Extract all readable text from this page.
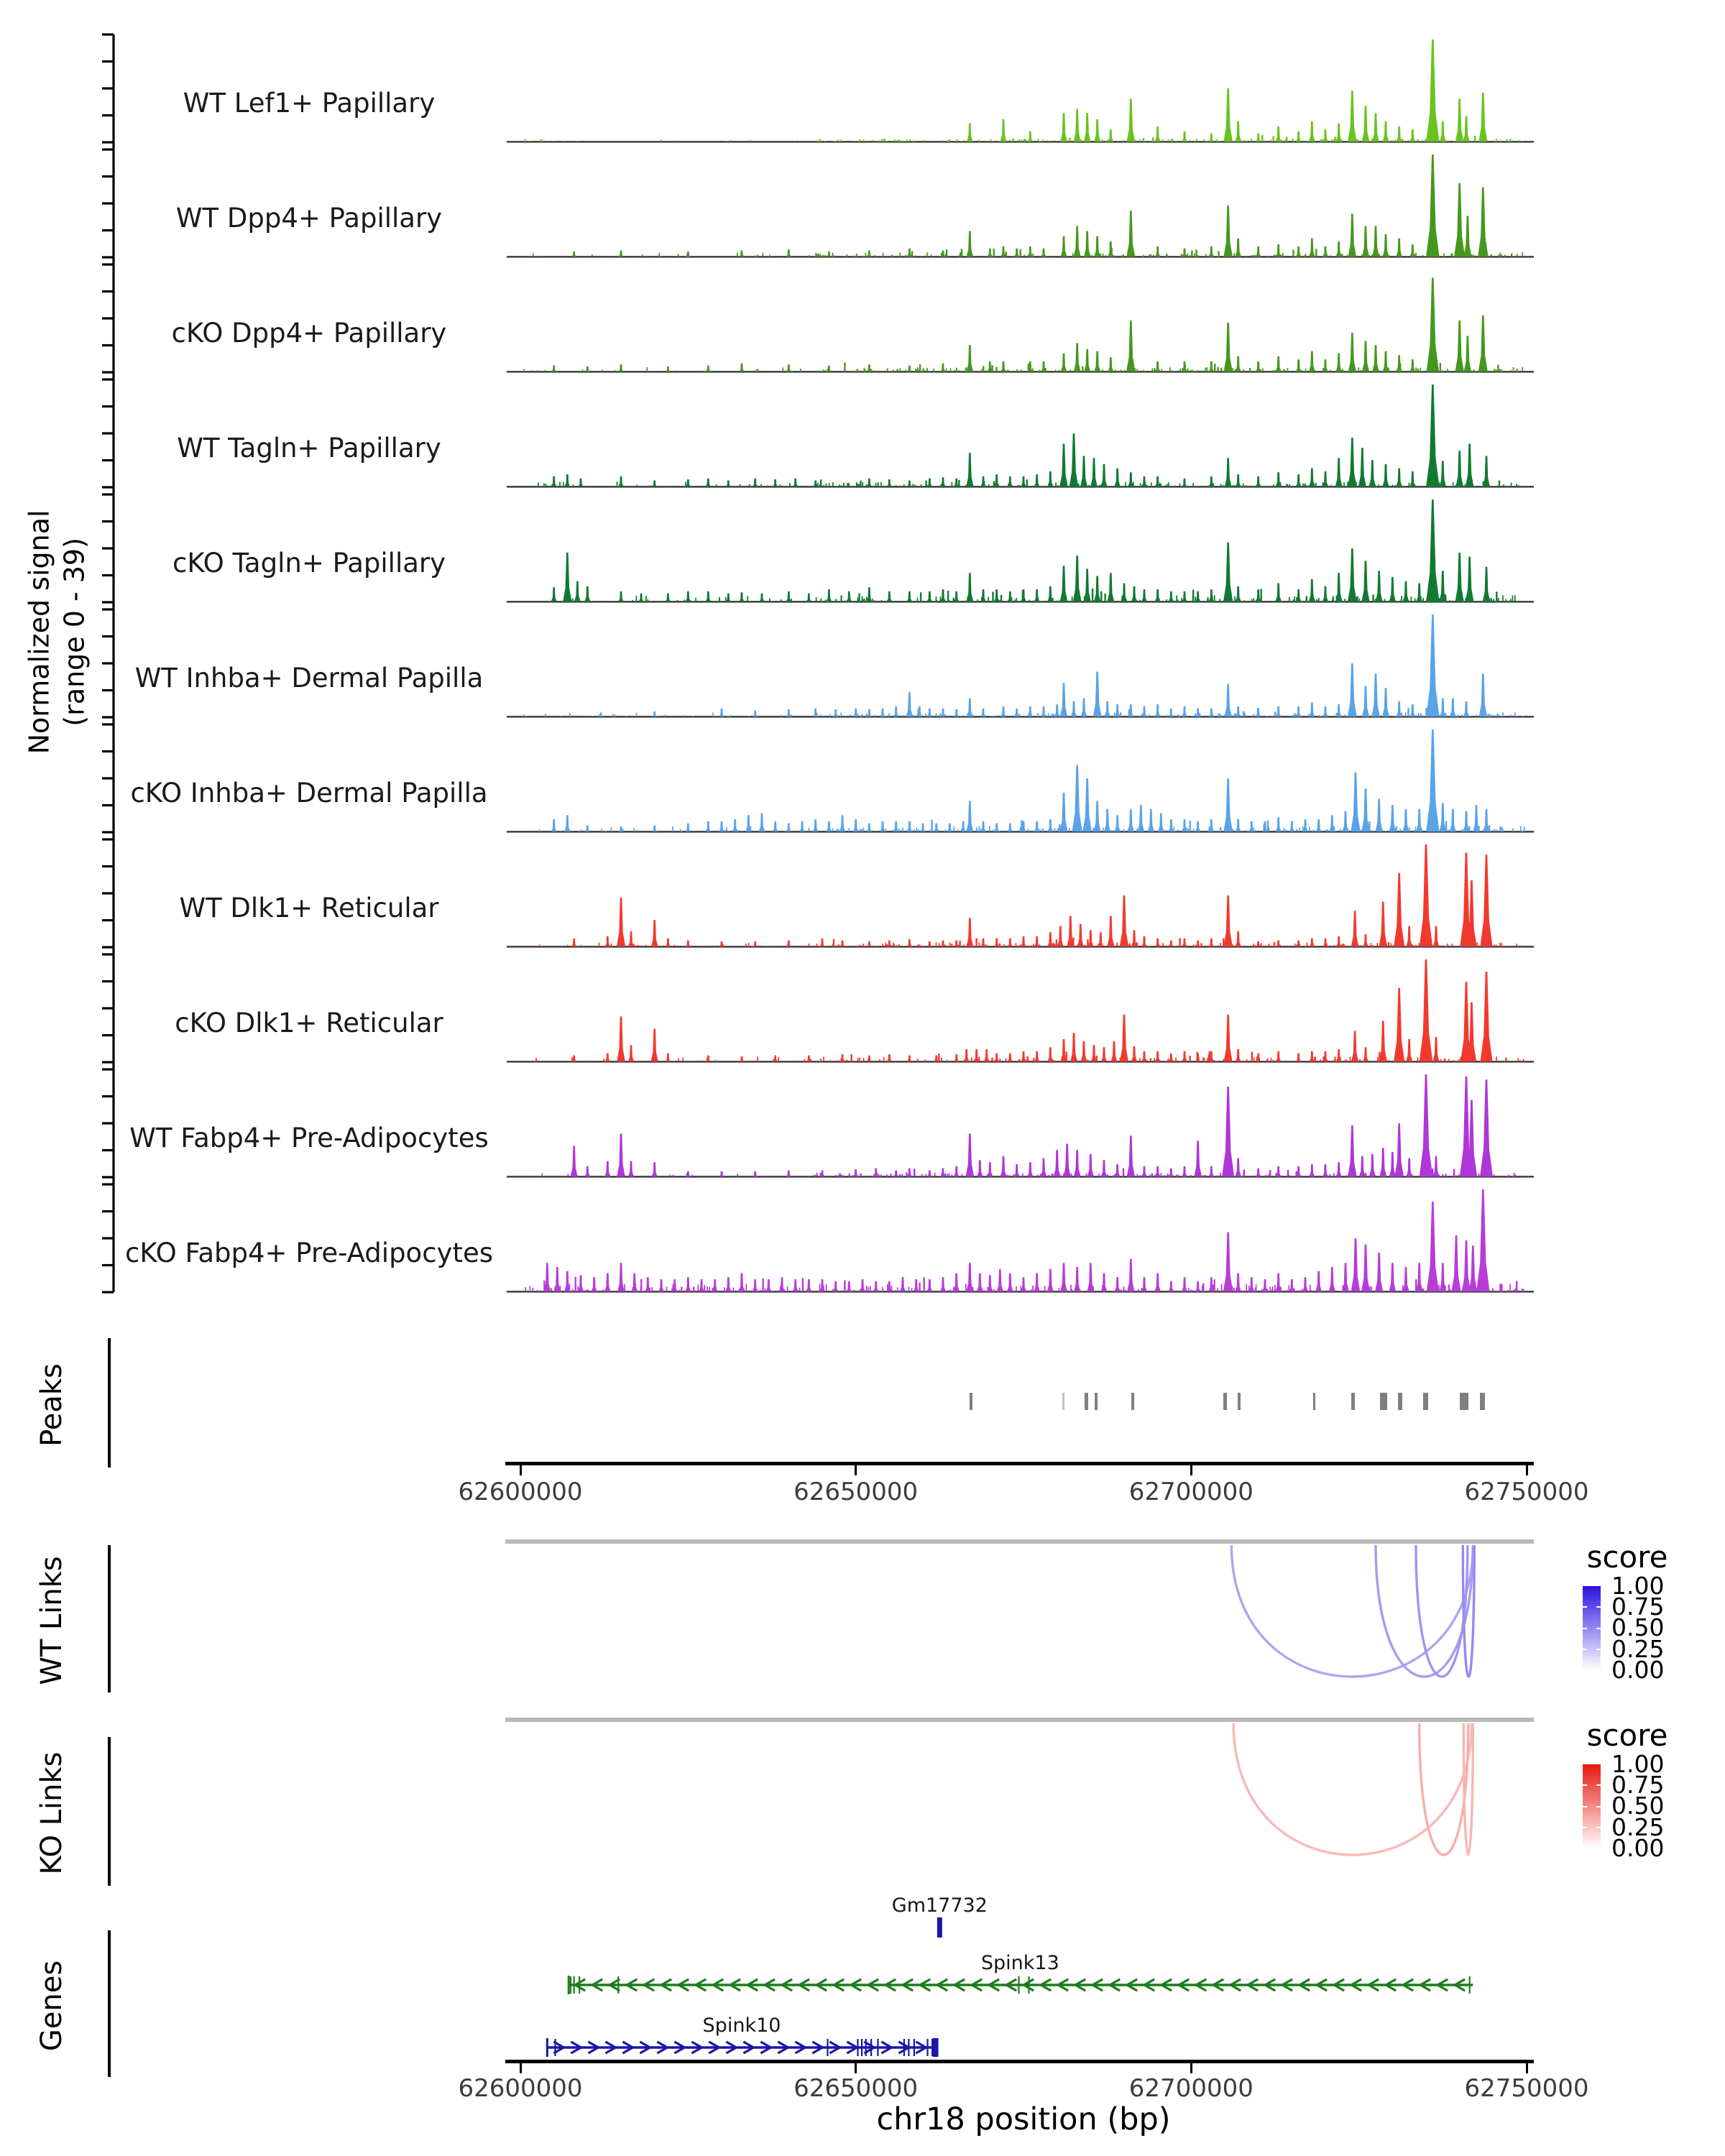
Normalized signal (range 0 - 39)
WT Lef1+ Papillary
WT Dpp4+ Papillary
cKO Dpp4+ Papillary
WT Tagln+ Papillary
cKO Tagln+ Papillary
WT Inhba+ Dermal Papilla
cKO Inhba+ Dermal Papilla
WT Dlk1+ Reticular
cKO Dlk1+ Reticular
WT Fabp4+ Pre-Adipocytes
cKO Fabp4+ Pre-Adipocytes
Peaks
62600000	62650000	62700000	62750000
WT Links	score
1.00
0.75
0.50
0.25
0.00
KO Links
score
1.00
0.75
0.50
0.25
0.00
Genes
Gm17732
Spink13
Spink10
62600000	62650000	62700000	62750000
chr18 position (bp)
